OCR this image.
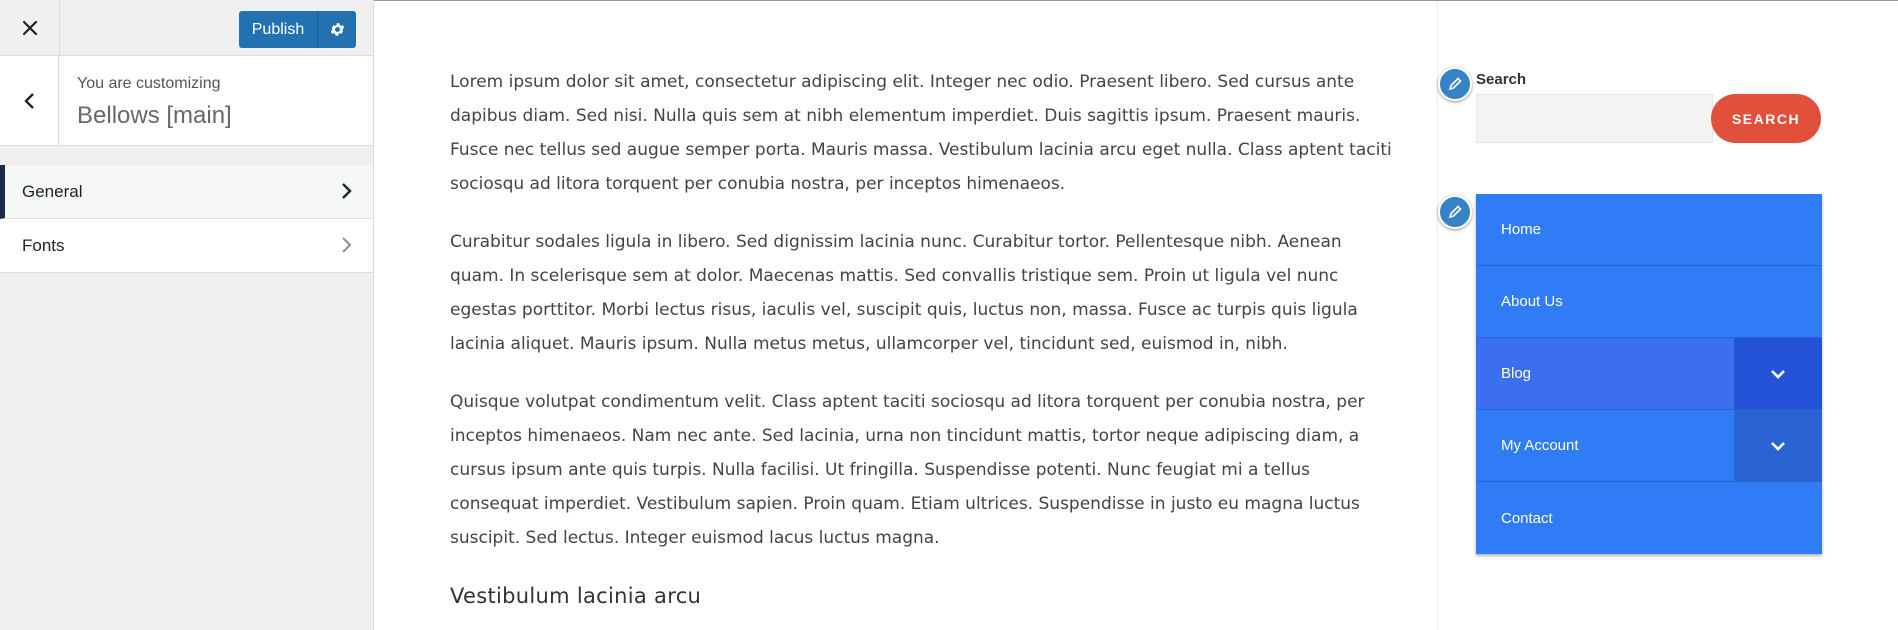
Publish
You are customizing
Bellows [main]
General
Fonts

Lorem ipsum dolor sit amet, consectetur adipiscing elit. Integer nec odio. Praesent libero. Sed cursus ante dapibus diam. Sed nisi. Nulla quis sem at nibh elementum imperdiet. Duis sagittis ipsum. Praesent mauris. Fusce nec tellus sed augue semper porta. Mauris massa. Vestibulum lacinia arcu eget nulla. Class aptent taciti sociosqu ad litora torquent per conubia nostra, per inceptos himenaeos.

Curabitur sodales ligula in libero. Sed dignissim lacinia nunc. Curabitur tortor. Pellentesque nibh. Aenean quam. In scelerisque sem at dolor. Maecenas mattis. Sed convallis tristique sem. Proin ut ligula vel nunc egestas porttitor. Morbi lectus risus, iaculis vel, suscipit quis, luctus non, massa. Fusce ac turpis quis ligula lacinia aliquet. Mauris ipsum. Nulla metus metus, ullamcorper vel, tincidunt sed, euismod in, nibh.

Quisque volutpat condimentum velit. Class aptent taciti sociosqu ad litora torquent per conubia nostra, per inceptos himenaeos. Nam nec ante. Sed lacinia, urna non tincidunt mattis, tortor neque adipiscing diam, a cursus ipsum ante quis turpis. Nulla facilisi. Ut fringilla. Suspendisse potenti. Nunc feugiat mi a tellus consequat imperdiet. Vestibulum sapien. Proin quam. Etiam ultrices. Suspendisse in justo eu magna luctus suscipit. Sed lectus. Integer euismod lacus luctus magna.

Vestibulum lacinia arcu
Search
SEARCH
Home
About Us
Blog
My Account
Contact
